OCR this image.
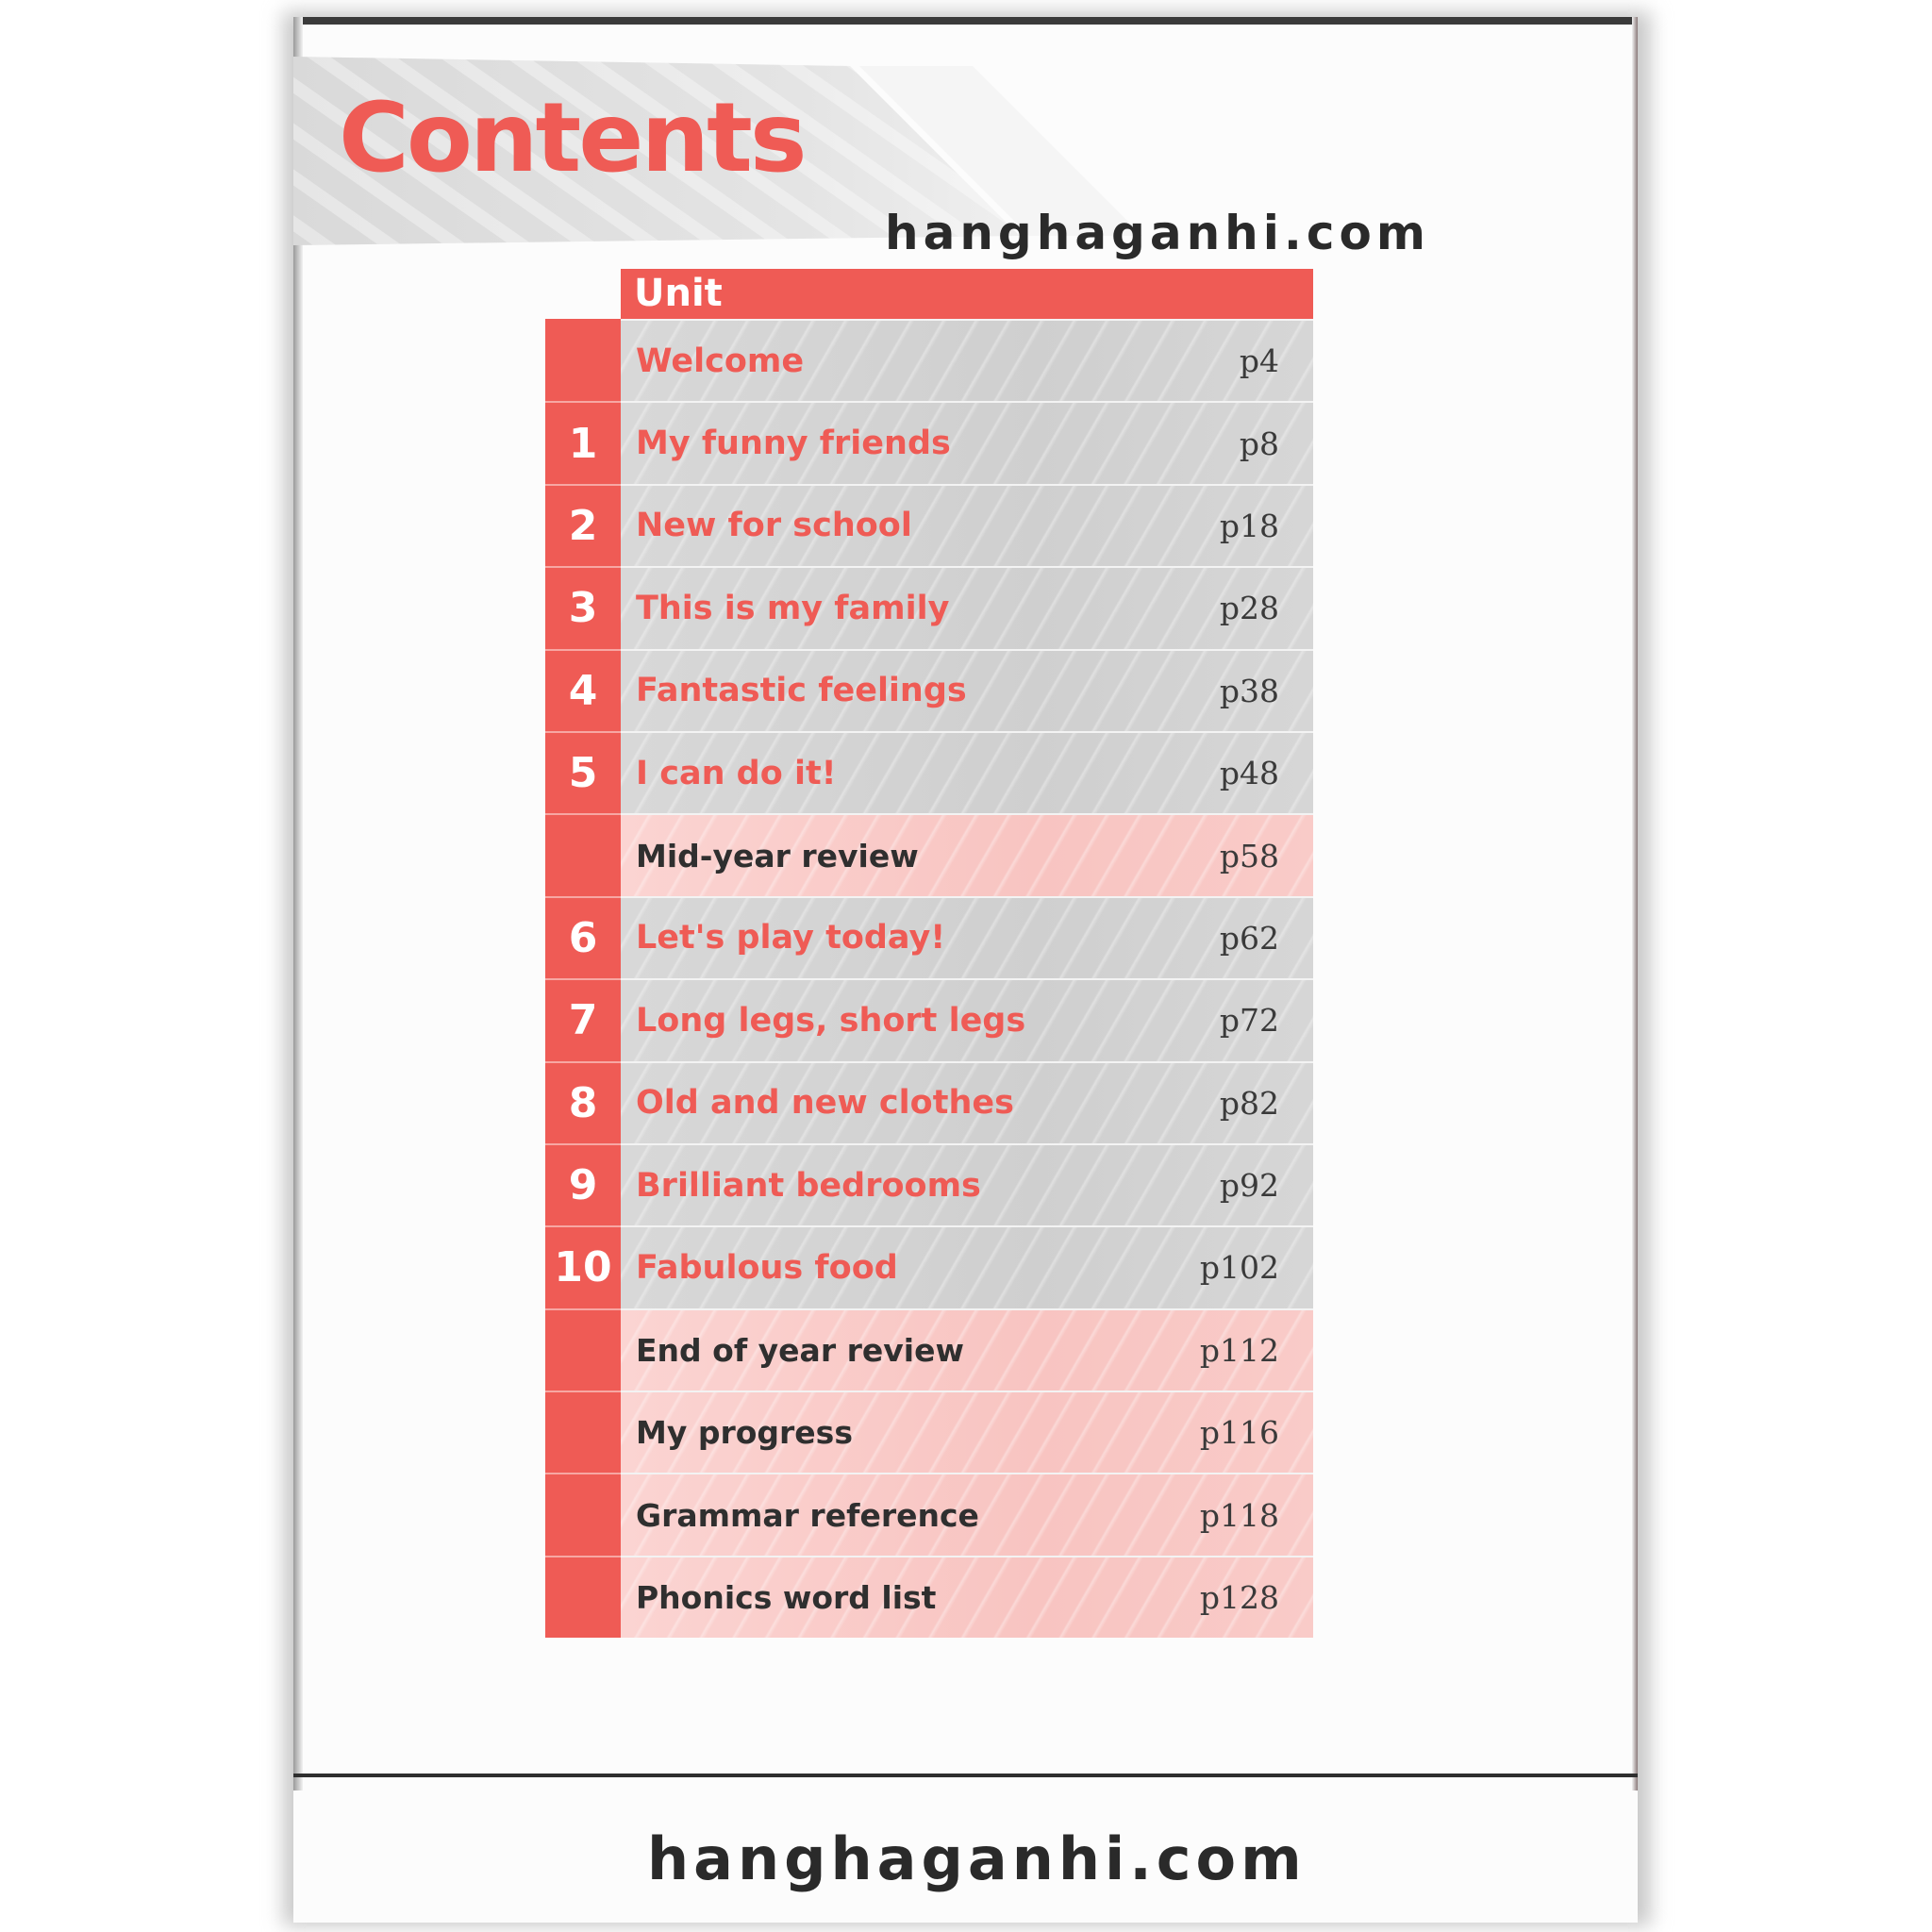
Contents
hanghaganhi.com
Unit
Welcome	p4
1	My funny friends	p8
2	New for school	p18
3	This is my family	p28
4	Fantastic feelings	p38
5	I can do it!	p48
Mid-year review	p58
6	Let's play today!	p62
7	Long legs, short legs	p72
8	Old and new clothes	p82
9	Brilliant bedrooms	p92
10 Fabulous food	p102
End of year review	p112
My progress	p116
Grammar reference	p118
Phonics word list	p128
hanghaganhi.com
